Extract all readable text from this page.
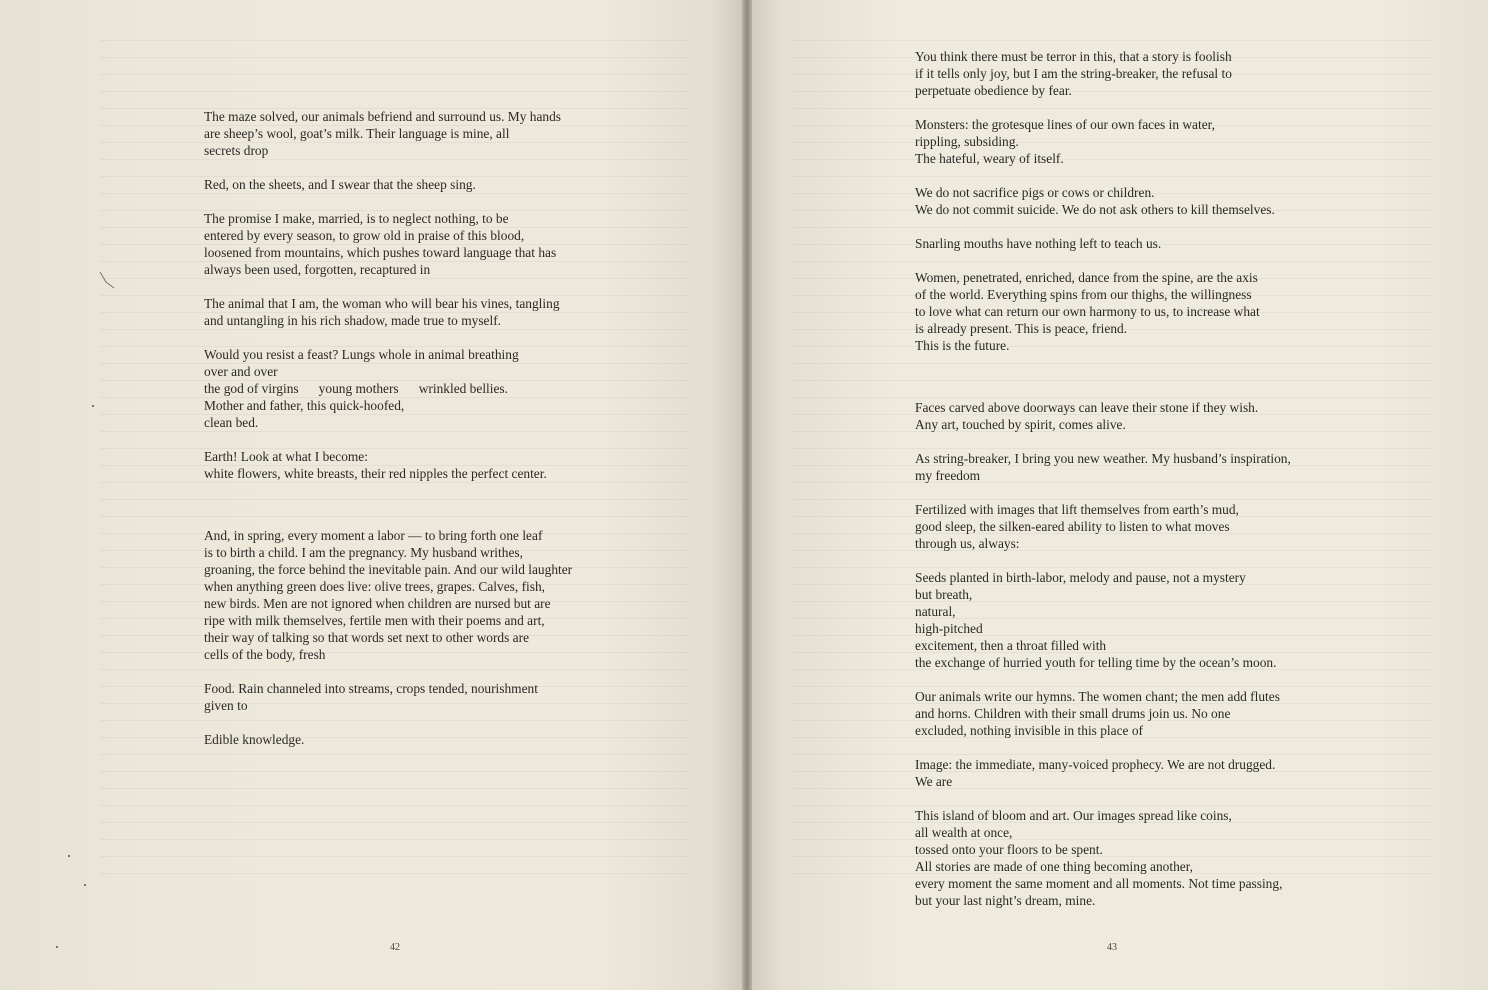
The maze solved, our animals befriend and surround us. My hands
are sheep’s wool, goat’s milk. Their language is mine, all
secrets drop
Red, on the sheets, and I swear that the sheep sing.
The promise I make, married, is to neglect nothing, to be
entered by every season, to grow old in praise of this blood,
loosened from mountains, which pushes toward language that has
always been used, forgotten, recaptured in
The animal that I am, the woman who will bear his vines, tangling
and untangling in his rich shadow, made true to myself.
Would you resist a feast? Lungs whole in animal breathing
over and over
the god of virgins      young mothers      wrinkled bellies.
Mother and father, this quick-hoofed,
clean bed.
Earth! Look at what I become:
white flowers, white breasts, their red nipples the perfect center.
And, in spring, every moment a labor — to bring forth one leaf
is to birth a child. I am the pregnancy. My husband writhes,
groaning, the force behind the inevitable pain. And our wild laughter
when anything green does live: olive trees, grapes. Calves, fish,
new birds. Men are not ignored when children are nursed but are
ripe with milk themselves, fertile men with their poems and art,
their way of talking so that words set next to other words are
cells of the body, fresh
Food. Rain channeled into streams, crops tended, nourishment
given to
Edible knowledge.
42
You think there must be terror in this, that a story is foolish
if it tells only joy, but I am the string-breaker, the refusal to
perpetuate obedience by fear.
Monsters: the grotesque lines of our own faces in water,
rippling, subsiding.
The hateful, weary of itself.
We do not sacrifice pigs or cows or children.
We do not commit suicide. We do not ask others to kill themselves.
Snarling mouths have nothing left to teach us.
Women, penetrated, enriched, dance from the spine, are the axis
of the world. Everything spins from our thighs, the willingness
to love what can return our own harmony to us, to increase what
is already present. This is peace, friend.
This is the future.
Faces carved above doorways can leave their stone if they wish.
Any art, touched by spirit, comes alive.
As string-breaker, I bring you new weather. My husband’s inspiration,
my freedom
Fertilized with images that lift themselves from earth’s mud,
good sleep, the silken-eared ability to listen to what moves
through us, always:
Seeds planted in birth-labor, melody and pause, not a mystery
but breath,
natural,
high-pitched
excitement, then a throat filled with
the exchange of hurried youth for telling time by the ocean’s moon.
Our animals write our hymns. The women chant; the men add flutes
and horns. Children with their small drums join us. No one
excluded, nothing invisible in this place of
Image: the immediate, many-voiced prophecy. We are not drugged.
We are
This island of bloom and art. Our images spread like coins,
all wealth at once,
tossed onto your floors to be spent.
All stories are made of one thing becoming another,
every moment the same moment and all moments. Not time passing,
but your last night’s dream, mine.
43
